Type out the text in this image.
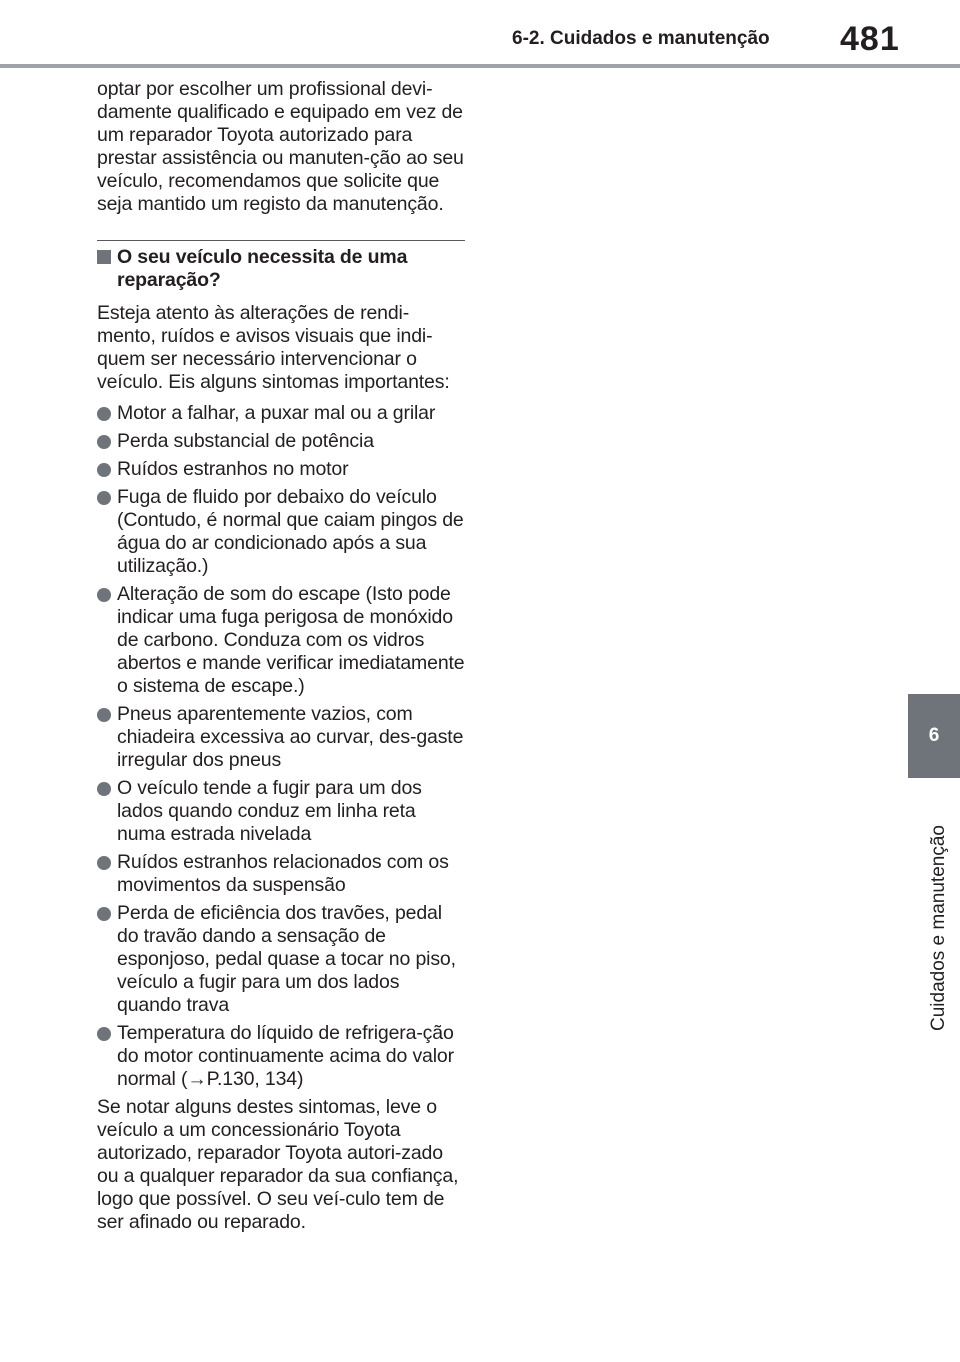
6-2. Cuidados e manutenção 481
6
Cuidados e manutenção

optar por escolher um profissional devi-damente qualificado e equipado em vez de um reparador Toyota autorizado para prestar assistência ou manuten-ção ao seu veículo, recomendamos que solicite que seja mantido um registo da manutenção.

O seu veículo necessita de uma reparação?

Esteja atento às alterações de rendi-mento, ruídos e avisos visuais que indi-quem ser necessário intervencionar o veículo. Eis alguns sintomas importantes:

Motor a falhar, a puxar mal ou a grilar
Perda substancial de potência
Ruídos estranhos no motor
Fuga de fluido por debaixo do veículo (Contudo, é normal que caiam pingos de água do ar condicionado após a sua utilização.)
Alteração de som do escape (Isto pode indicar uma fuga perigosa de monóxido de carbono. Conduza com os vidros abertos e mande verificar imediatamente o sistema de escape.)
Pneus aparentemente vazios, com chiadeira excessiva ao curvar, des-gaste irregular dos pneus
O veículo tende a fugir para um dos lados quando conduz em linha reta numa estrada nivelada
Ruídos estranhos relacionados com os movimentos da suspensão
Perda de eficiência dos travões, pedal do travão dando a sensação de esponjoso, pedal quase a tocar no piso, veículo a fugir para um dos lados quando trava
Temperatura do líquido de refrigera-ção do motor continuamente acima do valor normal (→P.130, 134)

Se notar alguns destes sintomas, leve o veículo a um concessionário Toyota autorizado, reparador Toyota autori-zado ou a qualquer reparador da sua confiança, logo que possível. O seu veí-culo tem de ser afinado ou reparado.
